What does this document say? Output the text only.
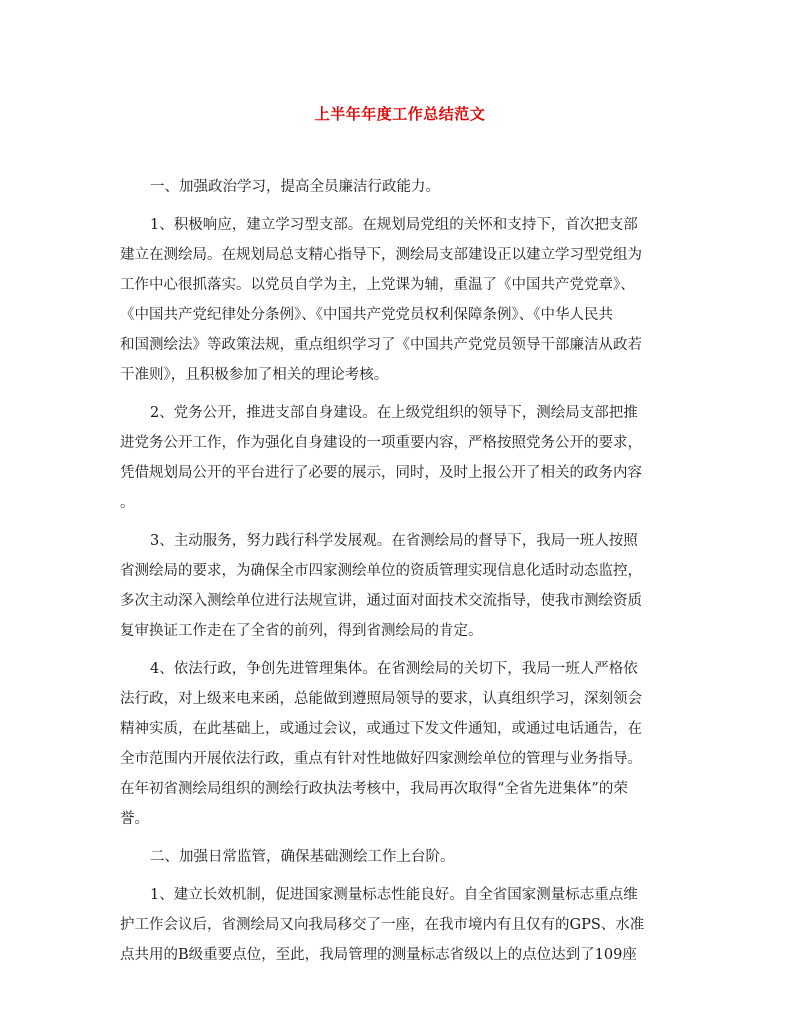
上半年年度工作总结范文
一、加强政治学习，提高全员廉洁行政能力。
1、积极响应，建立学习型支部。在规划局党组的关怀和支持下，首次把支部
建立在测绘局。在规划局总支精心指导下，测绘局支部建设正以建立学习型党组为
工作中心很抓落实。以党员自学为主，上党课为辅，重温了《中国共产党党章》、
《中国共产党纪律处分条例》、《中国共产党党员权利保障条例》、《中华人民共
和国测绘法》等政策法规，重点组织学习了《中国共产党党员领导干部廉洁从政若
干准则》，且积极参加了相关的理论考核。
2、党务公开，推进支部自身建设。在上级党组织的领导下，测绘局支部把推
进党务公开工作，作为强化自身建设的一项重要内容，严格按照党务公开的要求，
凭借规划局公开的平台进行了必要的展示，同时，及时上报公开了相关的政务内容
。
3、主动服务，努力践行科学发展观。在省测绘局的督导下，我局一班人按照
省测绘局的要求，为确保全市四家测绘单位的资质管理实现信息化适时动态监控，
多次主动深入测绘单位进行法规宣讲，通过面对面技术交流指导，使我市测绘资质
复审换证工作走在了全省的前列，得到省测绘局的肯定。
4、依法行政，争创先进管理集体。在省测绘局的关切下，我局一班人严格依
法行政，对上级来电来函，总能做到遵照局领导的要求，认真组织学习，深刻领会
精神实质，在此基础上，或通过会议，或通过下发文件通知，或通过电话通告，在
全市范围内开展依法行政，重点有针对性地做好四家测绘单位的管理与业务指导。
在年初省测绘局组织的测绘行政执法考核中，我局再次取得“全省先进集体”的荣
誉。
二、加强日常监管，确保基础测绘工作上台阶。
1、建立长效机制，促进国家测量标志性能良好。自全省国家测量标志重点维
护工作会议后，省测绘局又向我局移交了一座，在我市境内有且仅有的GPS、水准
点共用的B级重要点位，至此，我局管理的测量标志省级以上的点位达到了109座
